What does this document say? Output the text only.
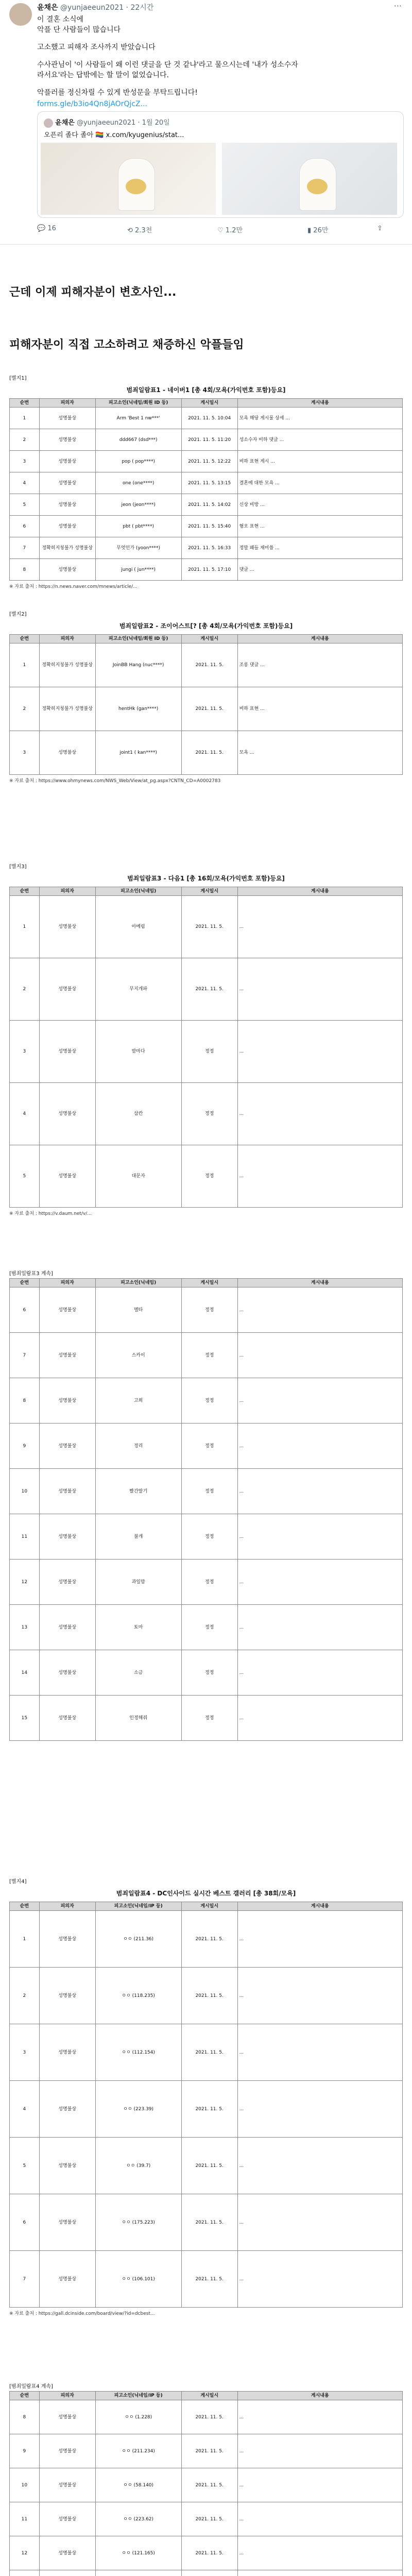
윤채은 @yunjaeeun2021 · 22시간	···
이 결혼 소식에
악플 단 사람들이 많습니다
고소했고 피해자 조사까지 받았습니다
수사관님이 '이 사람들이 왜 이런 댓글을 단 것 같냐'라고 물으시는데 '내가 성소수자
라서요'라는 답밖에는 할 말이 없었습니다.
악플러를 정신차릴 수 있게 반성문을 부탁드립니다!
forms.gle/b3io4Qn8jAOrQjcZ...
윤채은 @yunjaeeun2021 · 1월 20일
오픈리 졸다 졸아 🏳️‍🌈 x.com/kyugenius/stat...
💬 16	⟲ 2.3천	♡ 1.2만	▮ 26만	⇪
근데 이제 피해자분이 변호사인...
피해자분이 직접 고소하려고 채증하신 악플들임
[별지1]
범죄일람표1 - 네이버1 [총 4회/모욕(가익번호 포함)등요]
순번	피의자	피고소인(닉네임/회원 ID 등)	게시일시	게시내용
1	성명불상	Arm 'Best 1 nw***'	2021. 11. 5. 10:04	모욕 해당 게시물 상세 ...
2	성명불상	ddd667 (dsd***)	2021. 11. 5. 11:20	성소수자 비하 댓글 ...
3	성명불상	pop ( pop****)	2021. 11. 5. 12:22	비하 표현 게시 ...
4	성명불상	one (one****)	2021. 11. 5. 13:15	결혼에 대한 모욕 ...
5	성명불상	jeon (jeon****)	2021. 11. 5. 14:02	신상 비방 ...
6	성명불상	pbt ( pbt****)	2021. 11. 5. 15:40	혐오 표현 ...
7	정확히지칭불가 성명불상	무엇인가 (yoon****)	2021. 11. 5. 16:33	정말 왜들 재미씁 ...
8	성명불상	jungi ( jun****)	2021. 11. 5. 17:10	댓글 ...
※ 자료 출처 : https://n.news.naver.com/mnews/article/...
[별지2]
범죄일람표2 - 조이어스트[? [총 4회/모욕(가익번호 포함)등요]
순번	피의자	피고소인(닉네임/회원 ID 등)	게시일시	게시내용
1	정확히지칭불가 성명불상	JoinBB Hang (nuc****)	2021. 11. 5.	조롱 댓글 ...
2	정확히지칭불가 성명불상	hentHk (gan****)	2021. 11. 5.	비하 표현 ...
3	성명불상	joint1 ( kan****)	2021. 11. 5.	모욕 ...
※ 자료 출처 : https://www.ohmynews.com/NWS_Web/View/at_pg.aspx?CNTN_CD=A0002783
[별지3]
범죄일람표3 - 다음1 [총 16회/모욕(가익번호 포함)등요]
순번	피의자	피고소인(닉네임)	게시일시	게시내용
1	성명불상	아메림	2021. 11. 5.	...
2	성명불상	무지개파	2021. 11. 5.	...
3	성명불상	밤마다	정정	...
4	성명불상	삼칸	정정	...
5	성명불상	대문자	정정	...
※ 자료 출처 : https://v.daum.net/v/...
[범죄일람표3 계속]
순번	피의자	피고소인(닉네임)	게시일시	게시내용
6	성명불상	멜타	정정	...
7	성명불상	스카이	정정	...
8	성명불상	고희	정정	...
9	성명불상	정리	정정	...
10	성명불상	빨간딸기	정정	...
11	성명불상	불개	정정	...
12	성명불상	과일맘	정정	...
13	성명불상	토마	정정	...
14	성명불상	소금	정정	...
15	성명불상	인정해줘	정정	...
[별지4]
범죄일람표4 - DC인사이드 실시간 베스트 갤러리 [총 38회/모욕]
순번	피의자	피고소인(닉네임/IP 등)	게시일시	게시내용
1	성명불상	ㅇㅇ (211.36)	2021. 11. 5.	...
2	성명불상	ㅇㅇ (118.235)	2021. 11. 5.	...
3	성명불상	ㅇㅇ (112.154)	2021. 11. 5.	...
4	성명불상	ㅇㅇ (223.39)	2021. 11. 5.	...
5	성명불상	ㅇㅇ (39.7)	2021. 11. 5.	...
6	성명불상	ㅇㅇ (175.223)	2021. 11. 5.	...
7	성명불상	ㅇㅇ (106.101)	2021. 11. 5.	...
※ 자료 출처 : https://gall.dcinside.com/board/view/?id=dcbest...
[범죄일람표4 계속]
순번	피의자	피고소인(닉네임/IP 등)	게시일시	게시내용
8	성명불상	ㅇㅇ (1.228)	2021. 11. 5.	...
9	성명불상	ㅇㅇ (211.234)	2021. 11. 5.	...
10	성명불상	ㅇㅇ (58.140)	2021. 11. 5.	...
11	성명불상	ㅇㅇ (223.62)	2021. 11. 5.	...
12	성명불상	ㅇㅇ (121.165)	2021. 11. 5.	...
